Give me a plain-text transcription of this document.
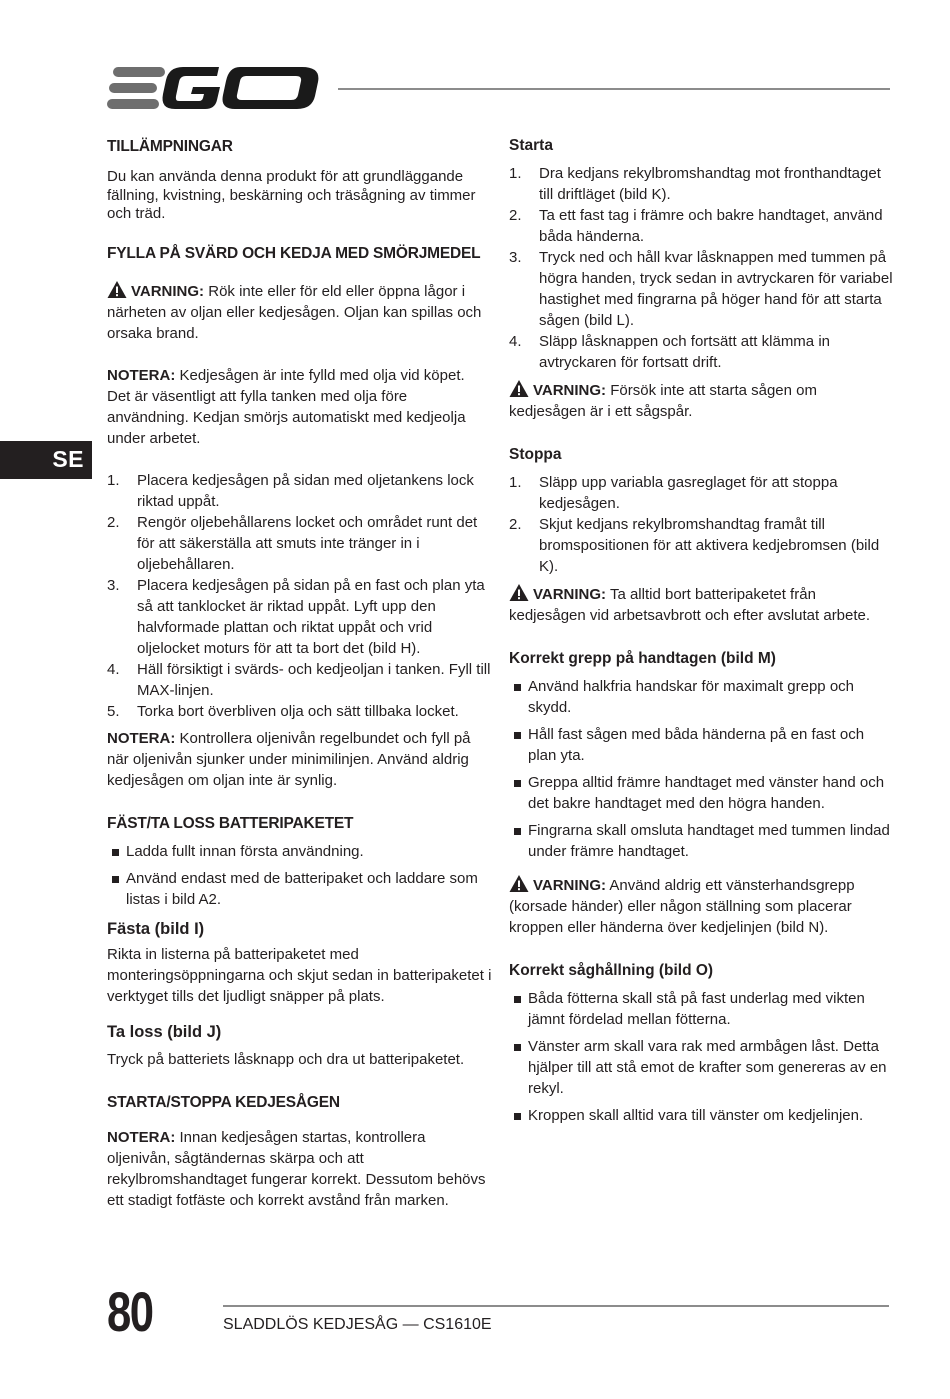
SE

TILLÄMPNINGAR

Du kan använda denna produkt för att grundläggande fällning, kvistning, beskärning och träsågning av timmer och träd.

FYLLA PÅ SVÄRD OCH KEDJA MED SMÖRJMEDEL

VARNING: Rök inte eller för eld eller öppna lågor i närheten av oljan eller kedjesågen. Oljan kan spillas och orsaka brand.

NOTERA: Kedjesågen är inte fylld med olja vid köpet. Det är väsentligt att fylla tanken med olja före användning. Kedjan smörjs automatiskt med kedjeolja under arbetet.

1. Placera kedjesågen på sidan med oljetankens lock riktad uppåt.
2. Rengör oljebehållarens locket och området runt det för att säkerställa att smuts inte tränger in i oljebehållaren.
3. Placera kedjesågen på sidan på en fast och plan yta så att tanklocket är riktad uppåt. Lyft upp den halvformade plattan och riktat uppåt och vrid oljelocket moturs för att ta bort det (bild H).
4. Häll försiktigt i svärds- och kedjeoljan i tanken. Fyll till MAX-linjen.
5. Torka bort överbliven olja och sätt tillbaka locket.

NOTERA: Kontrollera oljenivån regelbundet och fyll på när oljenivån sjunker under minimilinjen. Använd aldrig kedjesågen om oljan inte är synlig.

FÄST/TA LOSS BATTERIPAKETET

Ladda fullt innan första användning.
Använd endast med de batteripaket och laddare som listas i bild A2.

Fästa (bild I)

Rikta in listerna på batteripaketet med monteringsöppningarna och skjut sedan in batteripaketet i verktyget tills det ljudligt snäpper på plats.

Ta loss (bild J)

Tryck på batteriets låsknapp och dra ut batteripaketet.

STARTA/STOPPA KEDJESÅGEN

NOTERA: Innan kedjesågen startas, kontrollera oljenivån, sågtändernas skärpa och att rekylbromshandtaget fungerar korrekt. Dessutom behövs ett stadigt fotfäste och korrekt avstånd från marken.

Starta

1. Dra kedjans rekylbromshandtag mot fronthandtaget till driftläget (bild K).
2. Ta ett fast tag i främre och bakre handtaget, använd båda händerna.
3. Tryck ned och håll kvar låsknappen med tummen på högra handen, tryck sedan in avtryckaren för variabel hastighet med fingrarna på höger hand för att starta sågen (bild L).
4. Släpp låsknappen och fortsätt att klämma in avtryckaren för fortsatt drift.

VARNING: Försök inte att starta sågen om kedjesågen är i ett sågspår.

Stoppa

1. Släpp upp variabla gasreglaget för att stoppa kedjesågen.
2. Skjut kedjans rekylbromshandtag framåt till bromspositionen för att aktivera kedjebromsen (bild K).

VARNING: Ta alltid bort batteripaketet från kedjesågen vid arbetsavbrott och efter avslutat arbete.

Korrekt grepp på handtagen (bild M)

Använd halkfria handskar för maximalt grepp och skydd.
Håll fast sågen med båda händerna på en fast och plan yta.
Greppa alltid främre handtaget med vänster hand och det bakre handtaget med den högra handen.
Fingrarna skall omsluta handtaget med tummen lindad under främre handtaget.

VARNING: Använd aldrig ett vänsterhandsgrepp (korsade händer) eller någon ställning som placerar kroppen eller händerna över kedjelinjen (bild N).

Korrekt såghållning (bild O)

Båda fötterna skall stå på fast underlag med vikten jämnt fördelad mellan fötterna.
Vänster arm skall vara rak med armbågen låst. Detta hjälper till att stå emot de krafter som genereras av en rekyl.
Kroppen skall alltid vara till vänster om kedjelinjen.
80	SLADDLÖS KEDJESÅG — CS1610E
